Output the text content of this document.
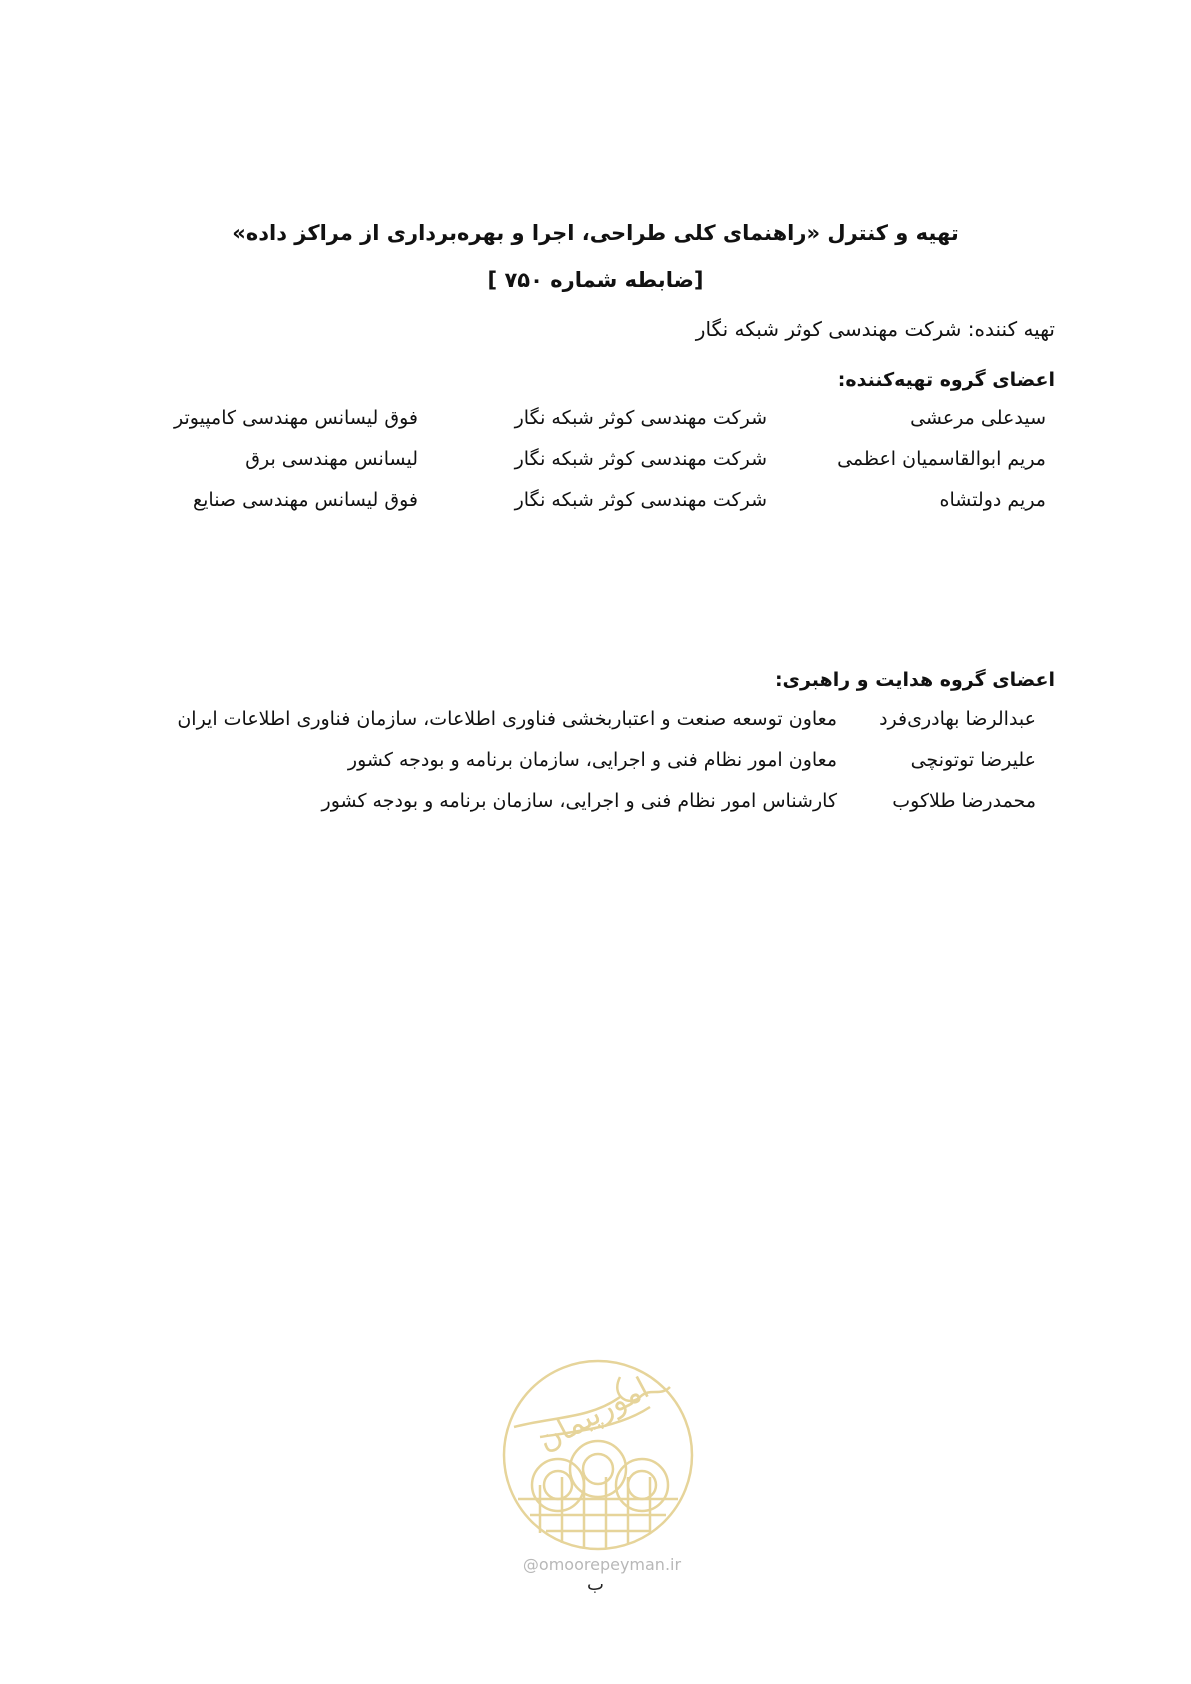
تهیه و کنترل «راهنمای کلی طراحی، اجرا و بهره‌برداری از مراکز داده»
[ضابطه شماره ۷۵۰ ]
تهیه کننده: شرکت مهندسی کوثر شبکه نگار
اعضای گروه تهیه‌کننده:
سیدعلی مرعشی
شرکت مهندسی کوثر شبکه نگار
فوق لیسانس مهندسی کامپیوتر
مریم ابوالقاسمیان اعظمی
شرکت مهندسی کوثر شبکه نگار
لیسانس مهندسی برق
مریم دولتشاه
شرکت مهندسی کوثر شبکه نگار
فوق لیسانس مهندسی صنایع
اعضای گروه هدایت و راهبری:
عبدالرضا بهادری‌فرد
معاون توسعه صنعت و اعتباربخشی فناوری اطلاعات، سازمان فناوری اطلاعات ایران
علیرضا توتونچی
معاون امور نظام فنی و اجرایی، سازمان برنامه و بودجه کشور
محمدرضا طلاکوب
کارشناس امور نظام فنی و اجرایی، سازمان برنامه و بودجه کشور
امورپیمان
@omoorepeyman.ir
ب
